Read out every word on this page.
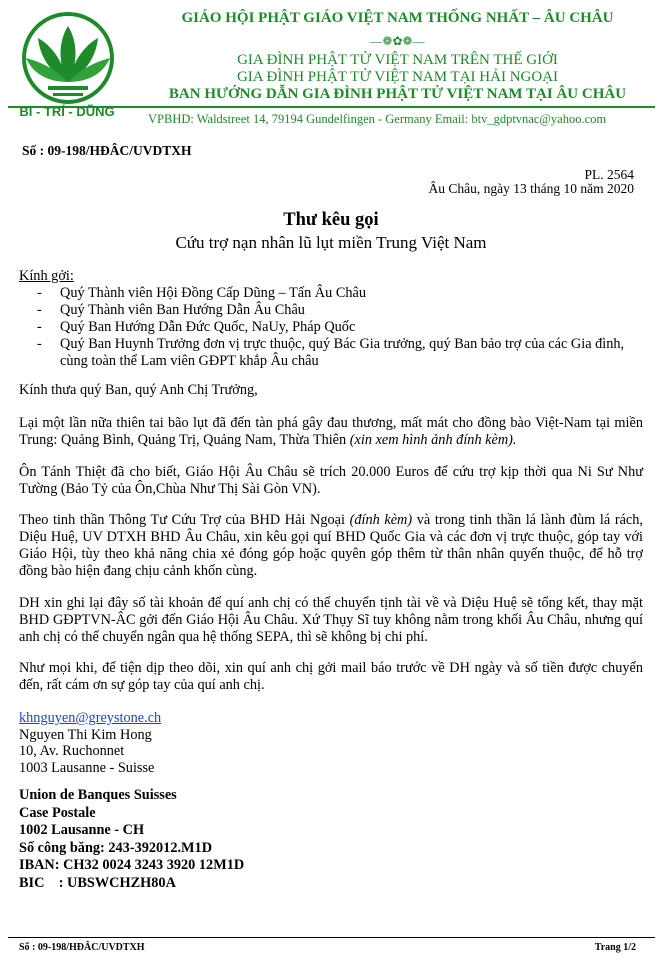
BI - TRÍ - DŨNG
GIÁO HỘI PHẬT GIÁO VIỆT NAM THỐNG NHẤT – ÂU CHÂU
—❁✿❁—
GIA ĐÌNH PHẬT TỬ VIỆT NAM TRÊN THẾ GIỚI
GIA ĐÌNH PHẬT TỬ VIỆT NAM TẠI HẢI NGOẠI
BAN HƯỚNG DẪN GIA ĐÌNH PHẬT TỬ VIỆT NAM TẠI ÂU CHÂU
VPBHD: Waldstreet 14, 79194 Gundelfingen - Germany Email: btv_gdptvnac@yahoo.com
Số : 09-198/HĐÂC/UVDTXH
PL. 2564
Âu Châu, ngày 13 tháng 10 năm 2020
Thư kêu gọi
Cứu trợ nạn nhân lũ lụt miền Trung Việt Nam
Kính gởi:
- Quý Thành viên Hội Đồng Cấp Dũng – Tấn Âu Châu
- Quý Thành viên Ban Hướng Dẫn Âu Châu
- Quý Ban Hướng Dẫn Đức Quốc, NaUy, Pháp Quốc
- Quý Ban Huynh Trưởng đơn vị trực thuộc, quý Bác Gia trưởng, quý Ban bảo trợ của các Gia đình, cùng toàn thể Lam viên GĐPT khắp Âu châu
Kính thưa quý Ban, quý Anh Chị Trưởng,
Lại một lần nữa thiên tai bão lụt đã đến tàn phá gây đau thương, mất mát cho đồng bào Việt-Nam tại miền Trung: Quảng Bình, Quảng Trị, Quảng Nam, Thừa Thiên (xin xem hình ảnh đính kèm).
Ôn Tánh Thiệt đã cho biết, Giáo Hội Âu Châu sẽ trích 20.000 Euros để cứu trợ kịp thời qua Ni Sư Như Tường (Bảo Tỷ của Ôn,Chùa Như Thị Sài Gòn VN).
Theo tinh thần Thông Tư Cứu Trợ của BHD Hải Ngoại (đính kèm) và trong tinh thần lá lành đùm lá rách, Diệu Huệ, UV DTXH BHD Âu Châu, xin kêu gọi quí BHD Quốc Gia và các đơn vị trực thuộc, góp tay với Giáo Hội, tùy theo khả năng chia xẻ đóng góp hoặc quyên góp thêm từ thân nhân quyến thuộc, để hỗ trợ đồng bào hiện đang chịu cảnh khốn cùng.
DH xin ghi lại đây số tài khoản để quí anh chị có thể chuyển tịnh tài về và Diệu Huệ sẽ tổng kết, thay mặt BHD GĐPTVN-ÂC gởi đến Giáo Hội Âu Châu. Xứ Thụy Sĩ tuy không nằm trong khối Âu Châu, nhưng quí anh chị có thể chuyển ngân qua hệ thống SEPA, thì sẽ không bị chi phí.
Như mọi khi, để tiện dịp theo dõi, xin quí anh chị gởi mail báo trước về DH ngày và số tiền được chuyển đến, rất cám ơn sự góp tay của quí anh chị.
khnguyen@greystone.ch
Nguyen Thi Kim Hong
10, Av. Ruchonnet
1003 Lausanne - Suisse
Union de Banques Suisses
Case Postale
1002 Lausanne - CH
Số công băng: 243-392012.M1D
IBAN: CH32 0024 3243 3920 12M1D
BIC    : UBSWCHZH80A
Số : 09-198/HĐÂC/UVDTXH	Trang 1/2
